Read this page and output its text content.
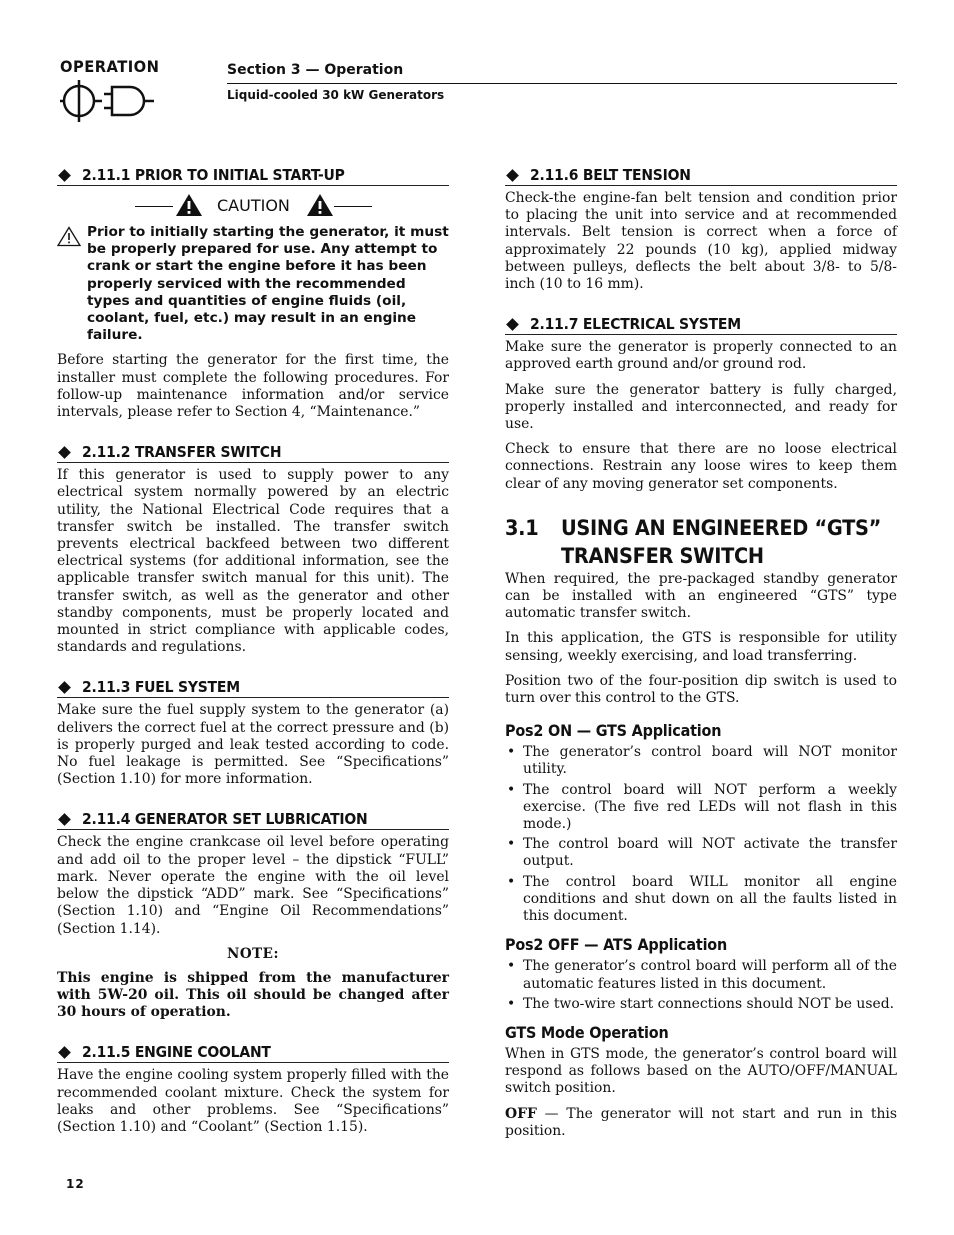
OPERATION	Section 3 — Operation
Liquid-cooled 30 kW Generators
2.11.1 PRIOR TO INITIAL START-UP
CAUTION
Prior to initially starting the generator, it must be properly prepared for use. Any attempt to crank or start the engine before it has been properly serviced with the recommended types and quantities of engine fluids (oil, coolant, fuel, etc.) may result in an engine failure.

Before starting the generator for the first time, the installer must complete the following procedures. For follow-up maintenance information and/or service intervals, please refer to Section 4, “Maintenance.”

2.11.2 TRANSFER SWITCH

If this generator is used to supply power to any electrical system normally powered by an electric utility, the National Electrical Code requires that a transfer switch be installed. The transfer switch prevents electrical backfeed between two different electrical systems (for additional information, see the applicable transfer switch manual for this unit). The transfer switch, as well as the generator and other standby components, must be properly located and mounted in strict compliance with applicable codes, standards and regulations.

2.11.3 FUEL SYSTEM

Make sure the fuel supply system to the generator (a) delivers the correct fuel at the correct pressure and (b) is properly purged and leak tested according to code. No fuel leakage is permitted. See “Specifications” (Section 1.10) for more information.

2.11.4 GENERATOR SET LUBRICATION

Check the engine crankcase oil level before operating and add oil to the proper level – the dipstick “FULL” mark. Never operate the engine with the oil level below the dipstick “ADD” mark. See “Specifications” (Section 1.10) and “Engine Oil Recommendations” (Section 1.14).

NOTE:
This engine is shipped from the manufacturer with 5W-20 oil. This oil should be changed after 30 hours of operation.
2.11.5 ENGINE COOLANT

Have the engine cooling system properly filled with the recommended coolant mixture. Check the system for leaks and other problems. See “Specifications” (Section 1.10) and “Coolant” (Section 1.15).

2.11.6 BELT TENSION

Check-the engine-fan belt tension and condition prior to placing the unit into service and at recommended intervals. Belt tension is correct when a force of approximately 22 pounds (10 kg), applied midway between pulleys, deflects the belt about 3/8- to 5/8-inch (10 to 16 mm).

2.11.7 ELECTRICAL SYSTEM

Make sure the generator is properly connected to an approved earth ground and/or ground rod.

Make sure the generator battery is fully charged, properly installed and interconnected, and ready for use.

Check to ensure that there are no loose electrical connections. Restrain any loose wires to keep them clear of any moving generator set components.

3.1	USING AN ENGINEERED “GTS” TRANSFER SWITCH

When required, the pre-packaged standby generator can be installed with an engineered “GTS” type automatic transfer switch.

In this application, the GTS is responsible for utility sensing, weekly exercising, and load transferring.

Position two of the four-position dip switch is used to turn over this control to the GTS.

Pos2 ON — GTS Application
• The generator’s control board will NOT monitor utility.
• The control board will NOT perform a weekly exercise. (The five red LEDs will not flash in this mode.)
• The control board will NOT activate the transfer output.
• The control board WILL monitor all engine conditions and shut down on all the faults listed in this document.
Pos2 OFF — ATS Application
• The generator’s control board will perform all of the automatic features listed in this document.
• The two-wire start connections should NOT be used.
GTS Mode Operation

When in GTS mode, the generator’s control board will respond as follows based on the AUTO/OFF/MANUAL switch position.

OFF — The generator will not start and run in this position.

12
